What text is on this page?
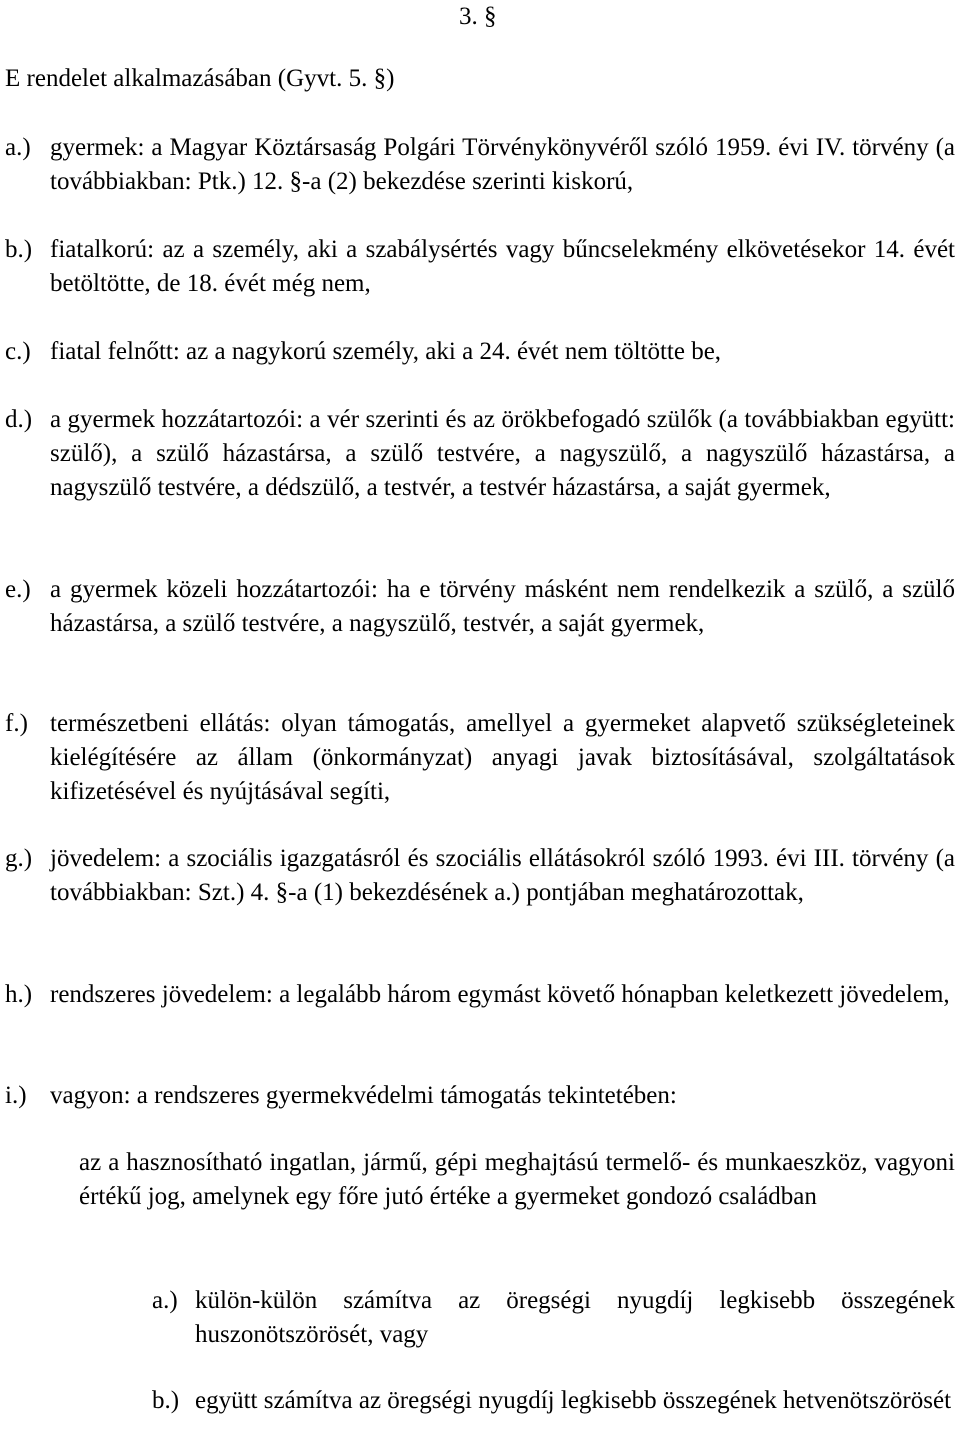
3. §
E rendelet alkalmazásában (Gyvt. 5. §)
a.) gyermek: a Magyar Köztársaság Polgári Törvénykönyvéről szóló 1959. évi IV. törvény (a továbbiakban: Ptk.) 12. §-a (2) bekezdése szerinti kiskorú,
b.) fiatalkorú: az a személy, aki a szabálysértés vagy bűncselekmény elkövetésekor 14. évét betöltötte, de 18. évét még nem,
c.) fiatal felnőtt: az a nagykorú személy, aki a 24. évét nem töltötte be,
d.) a gyermek hozzátartozói: a vér szerinti és az örökbefogadó szülők (a továbbiakban együtt: szülő), a szülő házastársa, a szülő testvére, a nagyszülő, a nagyszülő házastársa, a nagyszülő testvére, a dédszülő, a testvér, a testvér házastársa, a saját gyermek,
e.) a gyermek közeli hozzátartozói: ha e törvény másként nem rendelkezik a szülő, a szülő házastársa, a szülő testvére, a nagyszülő, testvér, a saját gyermek,
f.) természetbeni ellátás: olyan támogatás, amellyel a gyermeket alapvető szükségleteinek kielégítésére az állam (önkormányzat) anyagi javak biztosításával, szolgáltatások kifizetésével és nyújtásával segíti,
g.) jövedelem: a szociális igazgatásról és szociális ellátásokról szóló 1993. évi III. törvény (a továbbiakban: Szt.) 4. §-a (1) bekezdésének a.) pontjában meghatározottak,
h.) rendszeres jövedelem: a legalább három egymást követő hónapban keletkezett jövedelem,
i.) vagyon: a rendszeres gyermekvédelmi támogatás tekintetében:
az a hasznosítható ingatlan, jármű, gépi meghajtású termelő- és munkaeszköz, vagyoni értékű jog, amelynek egy főre jutó értéke a gyermeket gondozó családban
a.) külön-külön számítva az öregségi nyugdíj legkisebb összegének huszonötszörösét, vagy
b.) együtt számítva az öregségi nyugdíj legkisebb összegének hetvenötszörösét
